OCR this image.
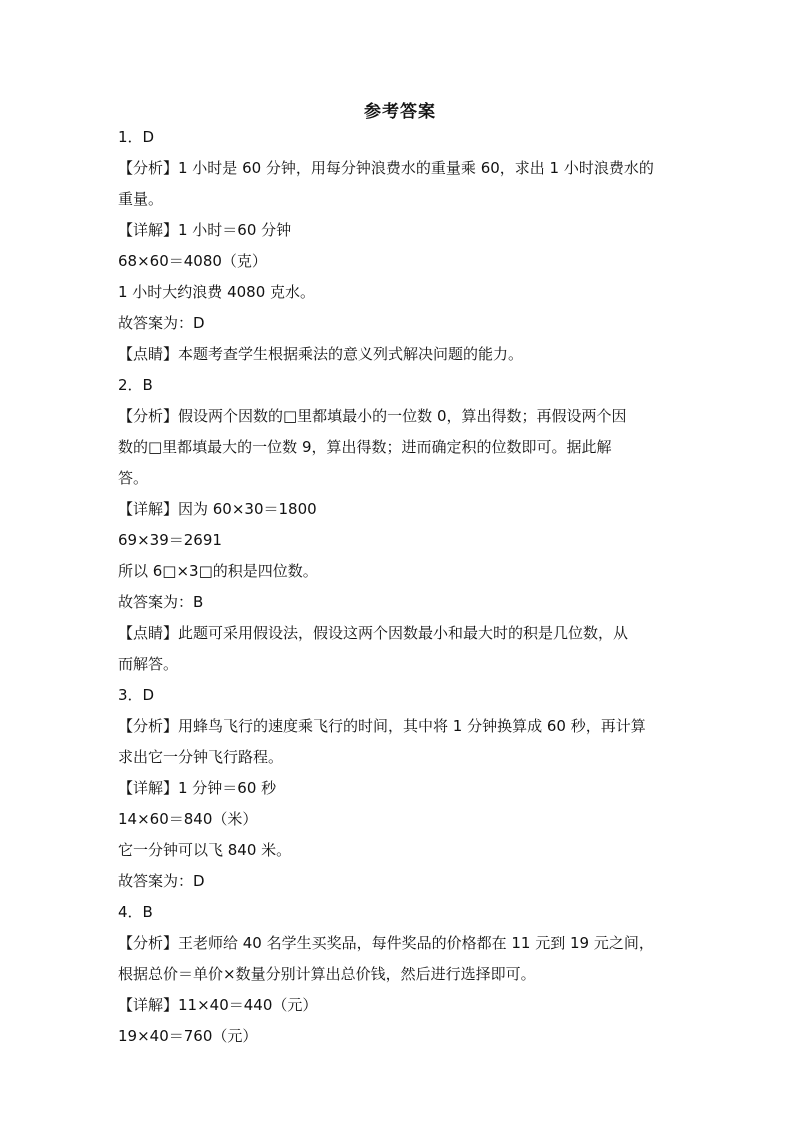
参考答案
1．D
【分析】1 小时是 60 分钟，用每分钟浪费水的重量乘 60，求出 1 小时浪费水的
重量。
【详解】1 小时＝60 分钟
68×60＝4080（克）
1 小时大约浪费 4080 克水。
故答案为：D
【点睛】本题考查学生根据乘法的意义列式解决问题的能力。
2．B
【分析】假设两个因数的□里都填最小的一位数 0，算出得数；再假设两个因
数的□里都填最大的一位数 9，算出得数；进而确定积的位数即可。据此解
答。
【详解】因为 60×30＝1800
69×39＝2691
所以 6□×3□的积是四位数。
故答案为：B
【点睛】此题可采用假设法，假设这两个因数最小和最大时的积是几位数，从
而解答。
3．D
【分析】用蜂鸟飞行的速度乘飞行的时间，其中将 1 分钟换算成 60 秒，再计算
求出它一分钟飞行路程。
【详解】1 分钟＝60 秒
14×60＝840（米）
它一分钟可以飞 840 米。
故答案为：D
4．B
【分析】王老师给 40 名学生买奖品，每件奖品的价格都在 11 元到 19 元之间，
根据总价＝单价×数量分别计算出总价钱，然后进行选择即可。
【详解】11×40＝440（元）
19×40＝760（元）
